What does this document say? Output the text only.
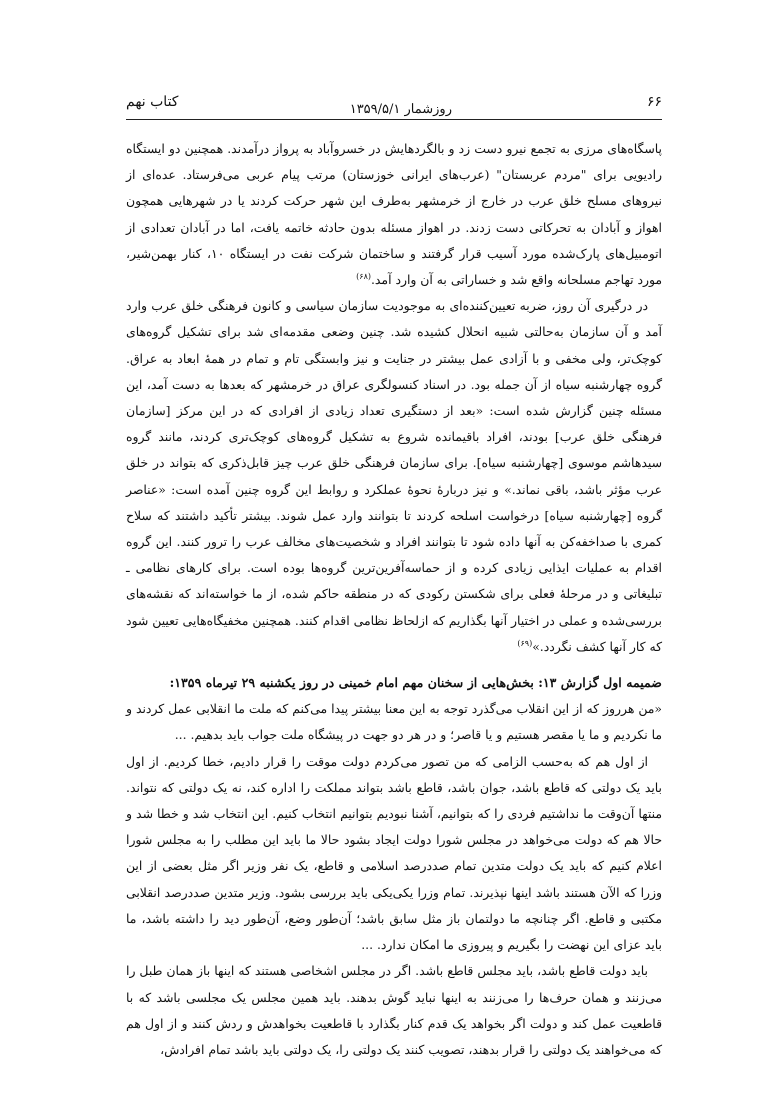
۶۶
روزشمار ۱۳۵۹/۵/۱
کتاب نهم

پاسگاه‌های مرزی به تجمع نیرو دست زد و بالگردهایش در خسروآباد به پرواز درآمدند. همچنین دو ایستگاه رادیویی برای "مردم عربستان" (عرب‌های ایرانی خوزستان) مرتب پیام عربی می‌فرستاد. عده‌ای از نیروهای مسلح خلق عرب در خارج از خرمشهر به‌طرف این شهر حرکت کردند یا در شهرهایی همچون اهواز و آبادان به تحرکاتی دست زدند. در اهواز مسئله بدون حادثه خاتمه یافت، اما در آبادان تعدادی از اتومبیل‌های پارک‌شده مورد آسیب قرار گرفتند و ساختمان شرکت نفت در ایستگاه ۱۰، کنار بهمن‌شیر، مورد تهاجم مسلحانه واقع شد و خساراتی به آن وارد آمد.$^{(۶۸)}$

در درگیری آن روز، ضربه تعیین‌کننده‌ای به موجودیت سازمان سیاسی و کانون فرهنگی خلق عرب وارد آمد و آن سازمان به‌حالتی شبیه انحلال کشیده شد. چنین وضعی مقدمه‌ای شد برای تشکیل گروه‌های کوچک‌تر، ولی مخفی و با آزادی عمل بیشتر در جنایت و نیز وابستگی تام و تمام در همهٔ ابعاد به عراق. گروه چهارشنبه سیاه از آن جمله بود. در اسناد کنسولگری عراق در خرمشهر که بعدها به دست آمد، این مسئله چنین گزارش شده است: «بعد از دستگیری تعداد زیادی از افرادی که در این مرکز [سازمان فرهنگی خلق عرب] بودند، افراد باقیمانده شروع به تشکیل گروه‌های کوچک‌تری کردند، مانند گروه سیدهاشم موسوی [چهارشنبه سیاه]. برای سازمان فرهنگی خلق عرب چیز قابل‌ذکری که بتواند در خلق عرب مؤثر باشد، باقی نماند.» و نیز دربارهٔ نحوهٔ عملکرد و روابط این گروه چنین آمده است: «عناصر گروه [چهارشنبه سیاه] درخواست اسلحه کردند تا بتوانند وارد عمل شوند. بیشتر تأکید داشتند که سلاح کمری با صداخفه‌کن به آنها داده شود تا بتوانند افراد و شخصیت‌های مخالف عرب را ترور کنند. این گروه اقدام به عملیات ایذایی زیادی کرده و از حماسه‌آفرین‌ترین گروه‌ها بوده است. برای کارهای نظامی ـ تبلیغاتی و در مرحلهٔ فعلی برای شکستن رکودی که در منطقه حاکم شده، از ما خواسته‌اند که نقشه‌های بررسی‌شده و عملی در اختیار آنها بگذاریم که ازلحاظ نظامی اقدام کنند. همچنین مخفیگاه‌هایی تعیین شود که کار آنها کشف نگردد.»$^{(۶۹)}$

ضمیمه اول گزارش ۱۳: بخش‌هایی از سخنان مهم امام خمینی در روز یکشنبه ۲۹ تیرماه ۱۳۵۹:

«من هرروز که از این انقلاب می‌گذرد توجه به این معنا بیشتر پیدا می‌کنم که ملت ما انقلابی عمل کردند و ما نکردیم و ما یا مقصر هستیم و یا قاصر؛ و در هر دو جهت در پیشگاه ملت جواب باید بدهیم. ...

از اول هم که به‌حسب الزامی که من تصور می‌کردم دولت موقت را قرار دادیم، خطا کردیم. از اول باید یک دولتی که قاطع باشد، جوان باشد، قاطع باشد بتواند مملکت را اداره کند، نه یک دولتی که نتواند. منتها آن‌وقت ما نداشتیم فردی را که بتوانیم، آشنا نبودیم بتوانیم انتخاب کنیم. این انتخاب شد و خطا شد و حالا هم که دولت می‌خواهد در مجلس شورا دولت ایجاد بشود حالا ما باید این مطلب را به مجلس شورا اعلام کنیم که باید یک دولت متدین تمام صددرصد اسلامی و قاطع، یک نفر وزیر اگر مثل بعضی از این وزرا که الآن هستند باشد اینها نپذیرند. تمام وزرا یکی‌یکی باید بررسی بشود. وزیر متدین صددرصد انقلابی مکتبی و قاطع. اگر چنانچه ما دولتمان باز مثل سابق باشد؛ آن‌طور وضع، آن‌طور دید را داشته باشد، ما باید عزای این نهضت را بگیریم و پیروزی ما امکان ندارد. ...

باید دولت قاطع باشد، باید مجلس قاطع باشد. اگر در مجلس اشخاصی هستند که اینها باز همان طبل را می‌زنند و همان حرف‌ها را می‌زنند به اینها نباید گوش بدهند. باید همین مجلس یک مجلسی باشد که با قاطعیت عمل کند و دولت اگر بخواهد یک قدم کنار بگذارد با قاطعیت بخواهدش و ردش کنند و از اول هم که می‌خواهند یک دولتی را قرار بدهند، تصویب کنند یک دولتی را، یک دولتی باید باشد تمام افرادش،
